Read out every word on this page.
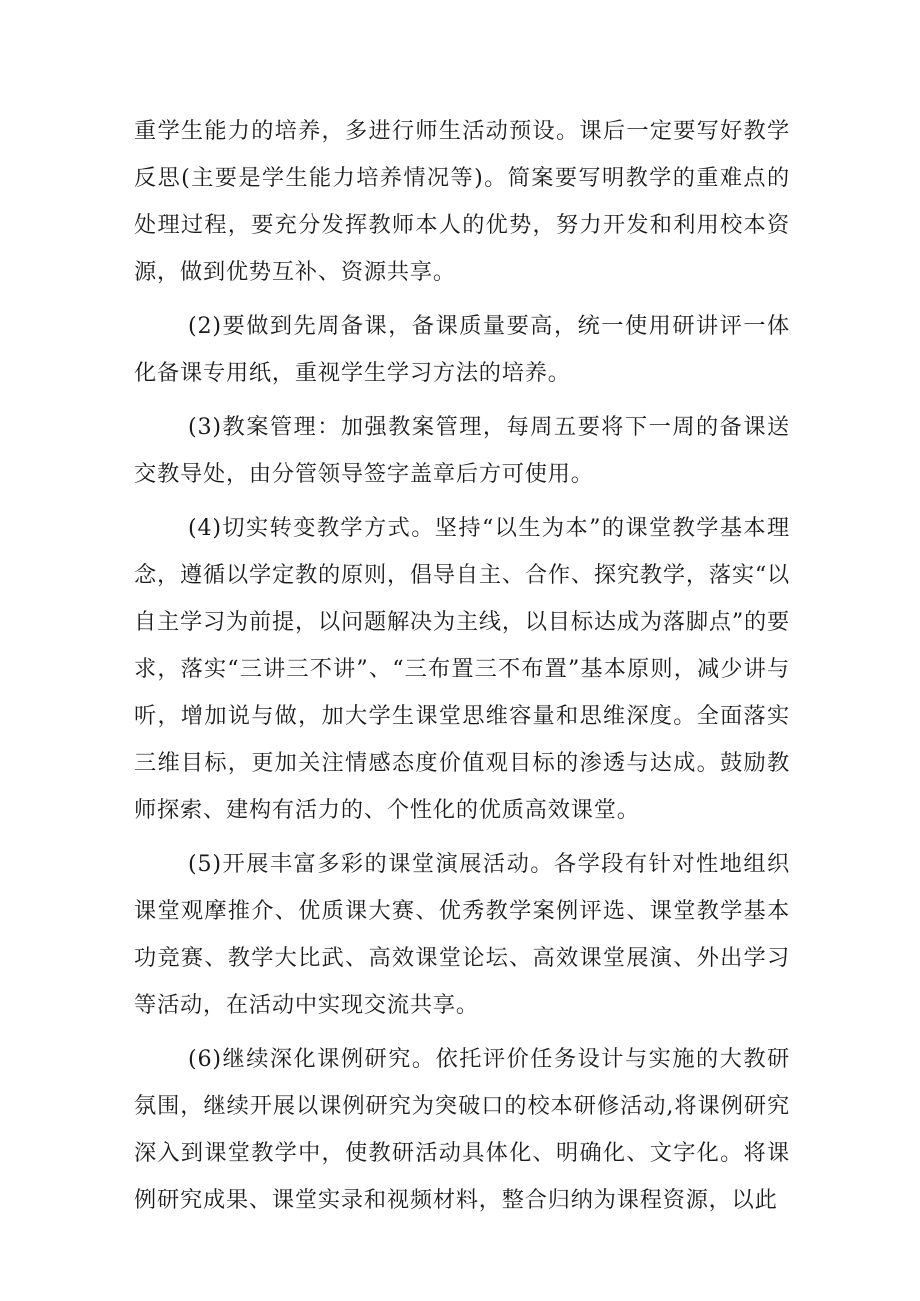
重学生能力的培养，多进行师生活动预设。课后一定要写好教学反思(主要是学生能力培养情况等)。简案要写明教学的重难点的处理过程，要充分发挥教师本人的优势，努力开发和利用校本资源，做到优势互补、资源共享。

(2)要做到先周备课，备课质量要高，统一使用研讲评一体化备课专用纸，重视学生学习方法的培养。

(3)教案管理：加强教案管理，每周五要将下一周的备课送交教导处，由分管领导签字盖章后方可使用。

(4)切实转变教学方式。坚持“以生为本”的课堂教学基本理念，遵循以学定教的原则，倡导自主、合作、探究教学，落实“以自主学习为前提，以问题解决为主线，以目标达成为落脚点”的要求，落实“三讲三不讲”、“三布置三不布置”基本原则，减少讲与听，增加说与做，加大学生课堂思维容量和思维深度。全面落实三维目标，更加关注情感态度价值观目标的渗透与达成。鼓励教师探索、建构有活力的、个性化的优质高效课堂。

(5)开展丰富多彩的课堂演展活动。各学段有针对性地组织课堂观摩推介、优质课大赛、优秀教学案例评选、课堂教学基本功竞赛、教学大比武、高效课堂论坛、高效课堂展演、外出学习等活动，在活动中实现交流共享。

(6)继续深化课例研究。依托评价任务设计与实施的大教研氛围，继续开展以课例研究为突破口的校本研修活动,将课例研究深入到课堂教学中，使教研活动具体化、明确化、文字化。将课例研究成果、课堂实录和视频材料，整合归纳为课程资源，以此
